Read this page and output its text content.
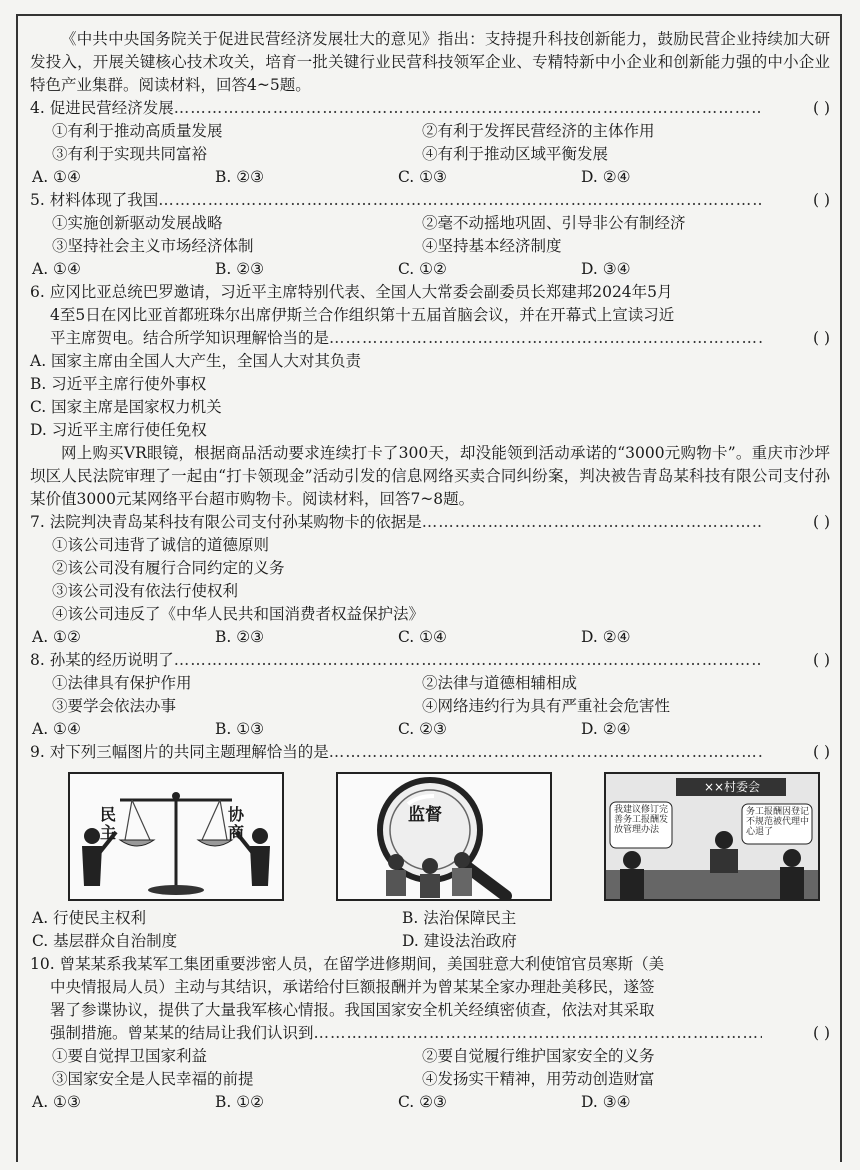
《中共中央国务院关于促进民营经济发展壮大的意见》指出：支持提升科技创新能力，鼓励民营企业持续加大研发投入，开展关键核心技术攻关，培育一批关键行业民营科技领军企业、专精特新中小企业和创新能力强的中小企业特色产业集群。阅读材料，回答4~5题。

4. 促进民营经济发展 …………………………………………………………………………………………………………………………………………………………………………	( )
①有利于推动高质量发展	②有利于发挥民营经济的主体作用
③有利于实现共同富裕	④有利于推动区域平衡发展
A. ①④	B. ②③	C. ①③	D. ②④
5. 材料体现了我国 …………………………………………………………………………………………………………………………………………………………………………	( )
①实施创新驱动发展战略	②毫不动摇地巩固、引导非公有制经济
③坚持社会主义市场经济体制	④坚持基本经济制度
A. ①④	B. ②③	C. ①②	D. ③④
6. 应冈比亚总统巴罗邀请，习近平主席特别代表、全国人大常委会副委员长郑建邦2024年5月
4至5日在冈比亚首都班珠尔出席伊斯兰合作组织第十五届首脑会议，并在开幕式上宣读习近
平主席贺电。结合所学知识理解恰当的是 …………………………………………………………………………………………………………………………………………………………………………	( )
A. 国家主席由全国人大产生，全国人大对其负责
B. 习近平主席行使外事权
C. 国家主席是国家权力机关
D. 习近平主席行使任免权

网上购买VR眼镜，根据商品活动要求连续打卡了300天，却没能领到活动承诺的“3000元购物卡”。重庆市沙坪坝区人民法院审理了一起由“打卡领现金”活动引发的信息网络买卖合同纠纷案，判决被告青岛某科技有限公司支付孙某价值3000元某网络平台超市购物卡。阅读材料，回答7~8题。

7. 法院判决青岛某科技有限公司支付孙某购物卡的依据是 …………………………………………………………………………………………………………………………………………………………………………	( )
①该公司违背了诚信的道德原则
②该公司没有履行合同约定的义务
③该公司没有依法行使权利
④该公司违反了《中华人民共和国消费者权益保护法》
A. ①②	B. ②③	C. ①④	D. ②④
8. 孙某的经历说明了 …………………………………………………………………………………………………………………………………………………………………………	( )
①法律具有保护作用	②法律与道德相辅相成
③要学会依法办事	④网络违约行为具有严重社会危害性
A. ①④	B. ①③	C. ②③	D. ②④
9. 对下列三幅图片的共同主题理解恰当的是 …………………………………………………………………………………………………………………………………………………………………………	( )
民主
协商
监督
××村委会
我建议修订完善务工报酬发放管理办法
务工报酬因登记不规范被代理中心退了
A. 行使民主权利	B. 法治保障民主
C. 基层群众自治制度	D. 建设法治政府
10. 曾某某系我某军工集团重要涉密人员，在留学进修期间，美国驻意大利使馆官员寒斯（美
中央情报局人员）主动与其结识，承诺给付巨额报酬并为曾某某全家办理赴美移民，遂签
署了参谍协议，提供了大量我军核心情报。我国国家安全机关经缜密侦查，依法对其采取
强制措施。曾某某的结局让我们认识到 …………………………………………………………………………………………………………………………………………………………………………	( )
①要自觉捍卫国家利益	②要自觉履行维护国家安全的义务
③国家安全是人民幸福的前提	④发扬实干精神，用劳动创造财富
A. ①③	B. ①②	C. ②③	D. ③④
